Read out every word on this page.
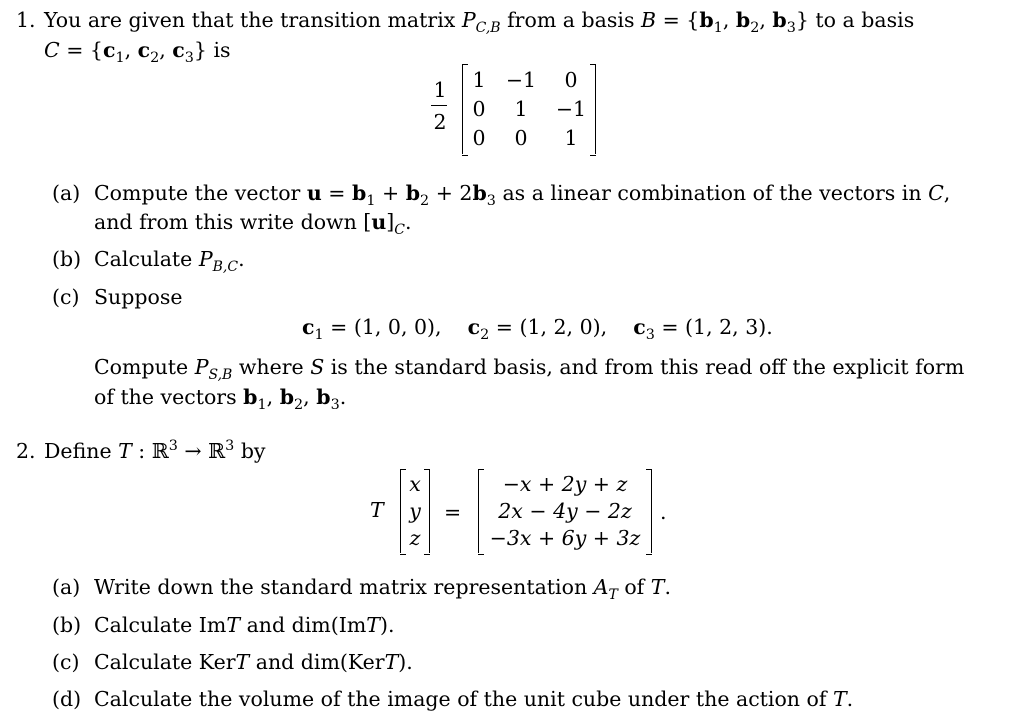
1. You are given that the transition matrix $P_{C,B}$ from a basis $B = \{b_1$, $b_2$, $b_3$} to a basis
$C = \{c_1$, $c_2$, $c_3$} is
1
2
1 −1	0
0	1	−1
0	0	1
(a) Compute the vector $u = b_1 + b_2 + 2b_3$ as a linear combination of the vectors in C,
and from this write down $[u]_C$.
(b) Calculate $P_{B,C}$.
(c) Suppose
$c_1 = (1$, 0, 0),    $c_2 = (1$, 2, 0),    $c_3 = (1$, 2, 3).
Compute $P_{S,B}$ where S is the standard basis, and from this read off the explicit form
of the vectors $b_1$, $b_2$, $b_3$.
2. Define T : ℝ$^3$ → ℝ$^3$ by
T
x
y
z
=
−x + 2y + z
2x − 4y − 2z
−3x + 6y + 3z
.
(a) Write down the standard matrix representation $A_T$ of T.
(b) Calculate ImT and dim(ImT).
(c) Calculate KerT and dim(KerT).
(d) Calculate the volume of the image of the unit cube under the action of T.
